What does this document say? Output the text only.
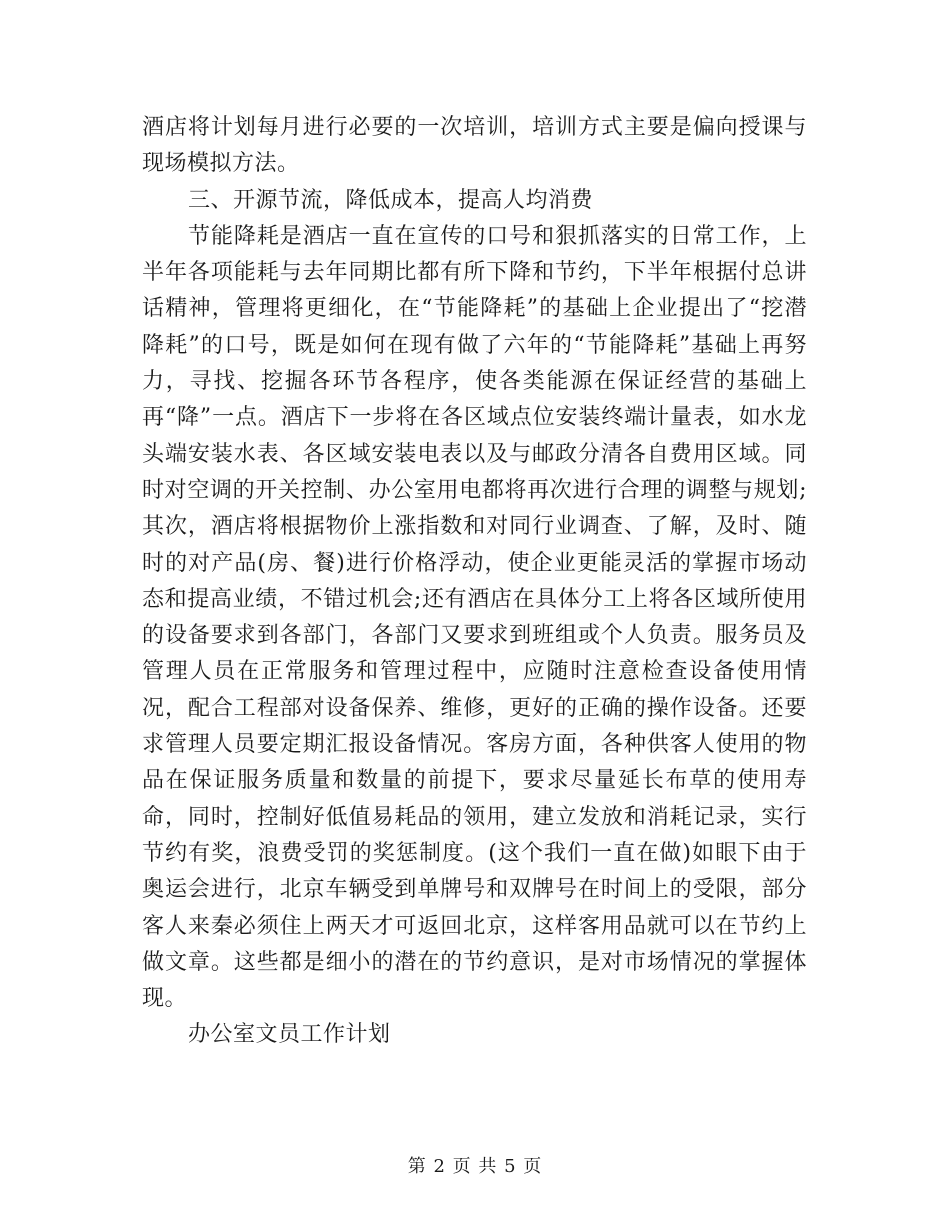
酒店将计划每月进行必要的一次培训，培训方式主要是偏向授课与现场模拟方法。

三、开源节流，降低成本，提高人均消费

节能降耗是酒店一直在宣传的口号和狠抓落实的日常工作，上半年各项能耗与去年同期比都有所下降和节约，下半年根据付总讲话精神，管理将更细化，在“节能降耗”的基础上企业提出了“挖潜降耗”的口号，既是如何在现有做了六年的“节能降耗”基础上再努力，寻找、挖掘各环节各程序，使各类能源在保证经营的基础上再“降”一点。酒店下一步将在各区域点位安装终端计量表，如水龙头端安装水表、各区域安装电表以及与邮政分清各自费用区域。同时对空调的开关控制、办公室用电都将再次进行合理的调整与规划;其次，酒店将根据物价上涨指数和对同行业调查、了解，及时、随时的对产品(房、餐)进行价格浮动，使企业更能灵活的掌握市场动态和提高业绩，不错过机会;还有酒店在具体分工上将各区域所使用的设备要求到各部门，各部门又要求到班组或个人负责。服务员及管理人员在正常服务和管理过程中，应随时注意检查设备使用情况，配合工程部对设备保养、维修，更好的正确的操作设备。还要求管理人员要定期汇报设备情况。客房方面，各种供客人使用的物品在保证服务质量和数量的前提下，要求尽量延长布草的使用寿命，同时，控制好低值易耗品的领用，建立发放和消耗记录，实行节约有奖，浪费受罚的奖惩制度。(这个我们一直在做)如眼下由于奥运会进行，北京车辆受到单牌号和双牌号在时间上的受限，部分客人来秦必须住上两天才可返回北京，这样客用品就可以在节约上做文章。这些都是细小的潜在的节约意识，是对市场情况的掌握体现。

办公室文员工作计划

第 2 页 共 5 页
